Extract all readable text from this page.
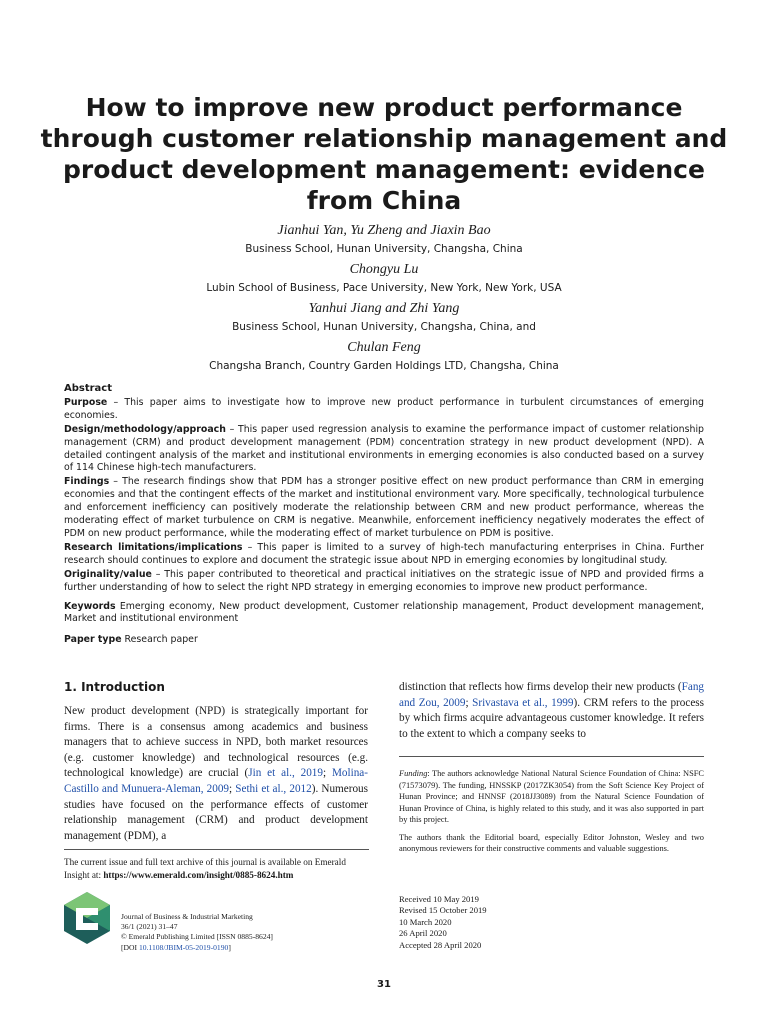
How to improve new product performance through customer relationship management and product development management: evidence from China
Jianhui Yan, Yu Zheng and Jiaxin Bao
Business School, Hunan University, Changsha, China
Chongyu Lu
Lubin School of Business, Pace University, New York, New York, USA
Yanhui Jiang and Zhi Yang
Business School, Hunan University, Changsha, China, and
Chulan Feng
Changsha Branch, Country Garden Holdings LTD, Changsha, China
Abstract

Purpose – This paper aims to investigate how to improve new product performance in turbulent circumstances of emerging economies.

Design/methodology/approach – This paper used regression analysis to examine the performance impact of customer relationship management (CRM) and product development management (PDM) concentration strategy in new product development (NPD). A detailed contingent analysis of the market and institutional environments in emerging economies is also conducted based on a survey of 114 Chinese high-tech manufacturers.

Findings – The research findings show that PDM has a stronger positive effect on new product performance than CRM in emerging economies and that the contingent effects of the market and institutional environment vary. More specifically, technological turbulence and enforcement inefficiency can positively moderate the relationship between CRM and new product performance, whereas the moderating effect of market turbulence on CRM is negative. Meanwhile, enforcement inefficiency negatively moderates the effect of PDM on new product performance, while the moderating effect of market turbulence on PDM is positive.

Research limitations/implications – This paper is limited to a survey of high-tech manufacturing enterprises in China. Further research should continues to explore and document the strategic issue about NPD in emerging economies by longitudinal study.

Originality/value – This paper contributed to theoretical and practical initiatives on the strategic issue of NPD and provided firms a further understanding of how to select the right NPD strategy in emerging economies to improve new product performance.

Keywords Emerging economy, New product development, Customer relationship management, Product development management, Market and institutional environment

Paper type Research paper

1. Introduction

New product development (NPD) is strategically important for firms. There is a consensus among academics and business managers that to achieve success in NPD, both market resources (e.g. customer knowledge) and technological resources (e.g. technological knowledge) are crucial (Jin et al., 2019; Molina-Castillo and Munuera-Aleman, 2009; Sethi et al., 2012). Numerous studies have focused on the performance effects of customer relationship management (CRM) and product development management (PDM), a

distinction that reflects how firms develop their new products (Fang and Zou, 2009; Srivastava et al., 1999). CRM refers to the process by which firms acquire advantageous customer knowledge. It refers to the extent to which a company seeks to

Funding: The authors acknowledge National Natural Science Foundation of China: NSFC (71573079). The funding, HNSSKP (2017ZK3054) from the Soft Science Key Project of Hunan Province; and HNNSF (2018JJ3089) from the Natural Science Foundation of Hunan Province of China, is highly related to this study, and it was also supported in part by this project.

The authors thank the Editorial board, especially Editor Johnston, Wesley and two anonymous reviewers for their constructive comments and valuable suggestions.

Received 10 May 2019
Revised 15 October 2019
10 March 2020
26 April 2020
Accepted 28 April 2020
The current issue and full text archive of this journal is available on Emerald Insight at: https://www.emerald.com/insight/0885-8624.htm
Journal of Business & Industrial Marketing
36/1 (2021) 31–47
© Emerald Publishing Limited [ISSN 0885-8624]
[DOI 10.1108/JBIM-05-2019-0190]
31
